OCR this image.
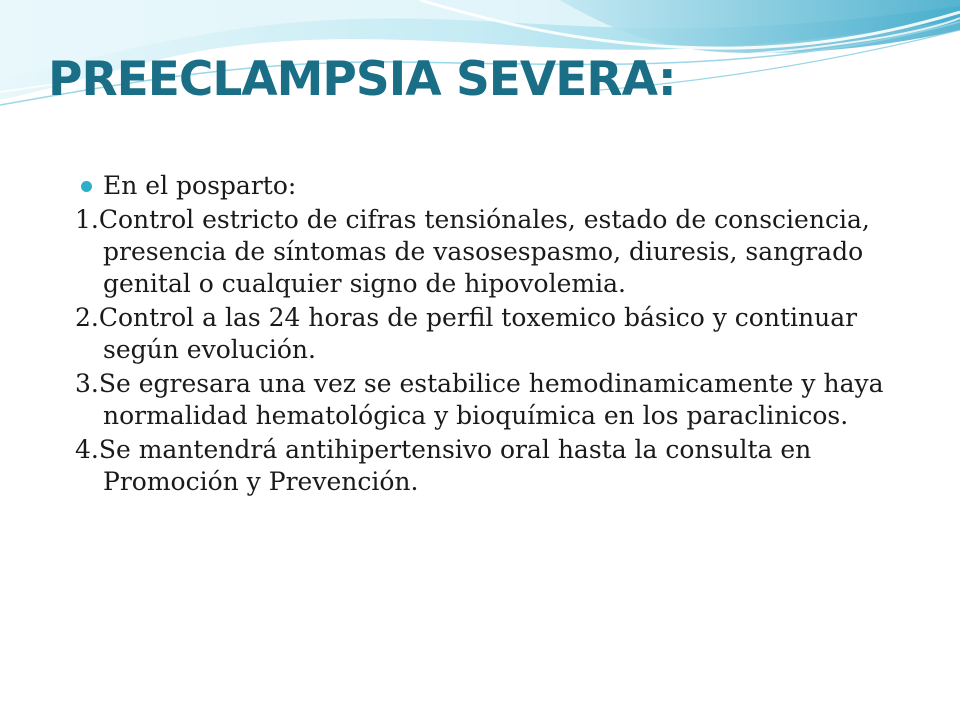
PREECLAMPSIA SEVERA:
En el posparto:

1.Control estricto de cifras tensiónales, estado de consciencia, presencia de síntomas de vasosespasmo, diuresis, sangrado genital o cualquier signo de hipovolemia.

2.Control a las 24 horas de perfil toxemico básico y continuar según evolución.

3.Se egresara una vez se estabilice hemodinamicamente y haya normalidad hematológica y bioquímica en los paraclinicos.

4.Se mantendrá antihipertensivo oral hasta la consulta en Promoción y Prevención.
